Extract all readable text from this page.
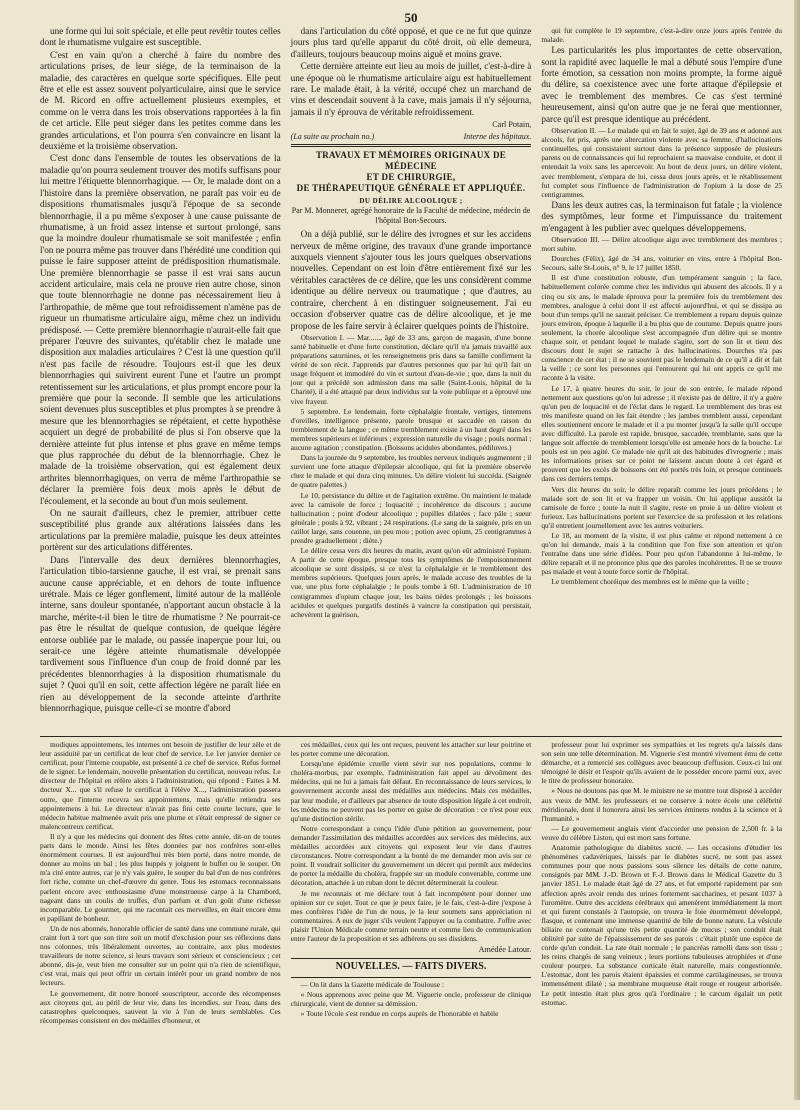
50

une forme qui lui soit spéciale, et elle peut revêtir toutes celles dont le rhumatisme vulgaire est susceptible.

C'est en vain qu'on a cherché à faire du nombre des articulations prises, de leur siége, de la terminaison de la maladie, des caractères en quelque sorte spécifiques. Elle peut être et elle est assez souvent polyarticulaire, ainsi que le service de M. Ricord en offre actuellement plusieurs exemples, et comme on le verra dans les trois observations rapportées à la fin de cet article. Elle peut siéger dans les petites comme dans les grandes articulations, et l'on pourra s'en convaincre en lisant la deuxième et la troisième observation.

C'est donc dans l'ensemble de toutes les observations de la maladie qu'on pourra seulement trouver des motifs suffisans pour lui mettre l'étiquette blennorrhagique. — Or, le malade dont on a l'histoire dans la première observation, ne paraît pas voir eu de dispositions rhumatismales jusqu'à l'époque de sa seconde blennorrhagie, il a pu même s'exposer à une cause puissante de rhumatisme, à un froid assez intense et surtout prolongé, sans que la moindre douleur rhumatismale se soit manifestée ; enfin l'on ne pourra même pas trouver dans l'hérédité une condition qui puisse le faire supposer atteint de prédisposition rhumatismale. Une première blennorrhagie se passe il est vrai sans aucun accident articulaire, mais cela ne prouve rien autre chose, sinon que toute blennorrhagie ne donne pas nécessairement lieu à l'arthropathie, de même que tout refroidissement n'amène pas de rigueur un rhumatisme articulaire aigu, même chez un individu prédisposé. — Cette première blennorrhagie n'aurait-elle fait que préparer l'œuvre des suivantes, qu'établir chez le malade une disposition aux maladies articulaires ? C'est là une question qu'il n'est pas facile de résoudre. Toujours est-il que les deux blennorrhagies qui suivirent eurent l'une et l'autre un prompt retentissement sur les articulations, et plus prompt encore pour la première que pour la seconde. Il semble que les articulations soient devenues plus susceptibles et plus promptes à se prendre à mesure que les blennorrhagies se répétaient, et cette hypothèse acquiert un degré de probabilité de plus si l'on observe que la dernière atteinte fut plus intense et plus grave en même temps que plus rapprochée du début de la blennorrhagie. Chez le malade de la troisième observation, qui est également deux arthrites blennorrhagiques, on verra de même l'arthropathie se déclarer la première fois deux mois après le début de l'écoulement, et la seconde au bout d'un mois seulement.

On ne saurait d'ailleurs, chez le premier, attribuer cette susceptibilité plus grande aux altérations laissées dans les articulations par la première maladie, puisque les deux atteintes portèrent sur des articulations différentes.

Dans l'intervalle des deux dernières blennorrhagies, l'articulation tibio-tarsienne gauche, il est vrai, se prenait sans aucune cause appréciable, et en dehors de toute influence urétrale. Mais ce léger gonflement, limité autour de la malléole interne, sans douleur spontanée, n'apportant aucun obstacle à la marche, mérite-t-il bien le titre de rhumatisme ? Ne pourrait-ce pas être le résultat de quelque contusion, de quelque légère entorse oubliée par le malade, ou passée inaperçue pour lui, ou serait-ce une légère atteinte rhumatismale développée tardivement sous l'influence d'un coup de froid donné par les précédentes blennorrhagies à la disposition rhumatismale du sujet ? Quoi qu'il en soit, cette affection légère ne paraît liée en rien au développement de la seconde atteinte d'arthrite blennorrhagique, puisque celle-ci se montre d'abord

dans l'articulation du côté opposé, et que ce ne fut que quinze jours plus tard qu'elle apparut du côté droit, où elle demeura, d'ailleurs, toujours beaucoup moins aiguë et moins grave.

Cette dernière atteinte eut lieu au mois de juillet, c'est-à-dire à une époque où le rhumatisme articulaire aigu est habituellement rare. Le malade était, à la vérité, occupé chez un marchand de vins et descendait souvent à la cave, mais jamais il n'y séjourna, jamais il n'y éprouva de véritable refroidissement.

Carl Potain,
(La suite au prochain no.)	Interne des hôpitaux.
TRAVAUX ET MÉMOIRES ORIGINAUX DE MÉDECINE
ET DE CHIRURGIE,
DE THÉRAPEUTIQUE GÉNÉRALE ET APPLIQUÉE.
DU DÉLIRE ALCOOLIQUE ;
Par M. Monneret, agrégé honoraire de la Faculté de médecine, médecin de l'hôpital Bon-Secours.

On a déjà publié, sur le délire des ivrognes et sur les accidens nerveux de même origine, des travaux d'une grande importance auxquels viennent s'ajouter tous les jours quelques observations nouvelles. Cependant on est loin d'être entièrement fixé sur les véritables caractères de ce délire, que les uns considèrent comme identique au délire nerveux ou traumatique ; que d'autres, au contraire, cherchent à en distinguer soigneusement. J'ai eu occasion d'observer quatre cas de délire alcoolique, et je me propose de les faire servir à éclairer quelques points de l'histoire.

Observation I. — Mar......, âgé de 33 ans, garçon de magasin, d'une bonne santé habituelle et d'une forte constitution, déclare qu'il n'a jamais travaillé aux préparations saturnines, et les renseignemens pris dans sa famille confirment la vérité de son récit. J'apprends par d'autres personnes que par lui qu'il fait un usage fréquent et immodéré du vin et surtout d'eau-de-vie ; que, dans la nuit du jour qui a précédé son admission dans ma salle (Saint-Louis, hôpital de la Charité), il a été attaqué par deux individus sur la voie publique et a éprouvé une vive frayeur.

5 septembre. Le lendemain, forte céphalalgie frontale, vertiges, tintemens d'oreilles, intelligence présente, parole brusque et saccadée en raison du tremblement de la langue ; ce même tremblement existe à un haut degré dans les membres supérieurs et inférieurs ; expression naturelle du visage ; pouls normal ; aucune agitation ; constipation. (Boissons acidules abondantes, pédiluves.)

Dans la journée du 9 septembre, les troubles nerveux indiqués augmentent ; il survient une forte attaque d'épilepsie alcoolique, qui fut la première observée chez le malade et qui dura cinq minutes. Un délire violent lui succéda. (Saignée de quatre palettes.)

Le 10, persistance du délire et de l'agitation extrême. On maintient le malade avec la camisole de force ; loquacité ; incohérence du discours ; aucune hallucination ; point d'odeur alcoolique ; pupilles dilatées ; face pâle ; sueur générale ; pouls à 92, vibrant ; 24 respirations. (Le sang de la saignée, pris en un caillot large, sans couenne, un peu mou ; potion avec opium, 25 centigrammes à prendre graduellement ; diète.)

Le délire cessa vers dix heures du matin, avant qu'on eût administré l'opium. A partir de cette époque, presque tous les symptômes de l'empoisonnement alcoolique se sont dissipés, si ce n'est la céphalalgie et le tremblement des membres supérieurs. Quelques jours après, le malade accuse des troubles de la vue, une plus forte céphalalgie ; le pouls tombe à 60. L'administration de 10 centigrammes d'opium chaque jour, les bains tièdes prolongés ; les boissons acidules et quelques purgatifs destinés à vaincre la constipation qui persistait, achevèrent la guérison,

qui fut complète le 19 septembre, c'est-à-dire onze jours après l'entrée du malade.

Les particularités les plus importantes de cette observation, sont la rapidité avec laquelle le mal a débuté sous l'empire d'une forte émotion, sa cessation non moins prompte, la forme aiguë du délire, sa coexistence avec une forte attaque d'épilepsie et avec le tremblement des membres. Ce cas s'est terminé heureusement, ainsi qu'on autre que je ne ferai que mentionner, parce qu'il est presque identique au précédent.

Observation II. — Le malade qui en fait le sujet, âgé de 39 ans et adonné aux alcools, fut pris, après une altercation violente avec sa femme, d'hallucinations continuelles, qui consistaient surtout dans la présence supposée de plusieurs parens ou de connaissances qui lui reprochaient sa mauvaise conduite, et dont il entendait la voix sans les apercevoir. Au bout de deux jours, un délire violent, avec tremblement, s'empara de lui, cessa deux jours après, et le rétablissement fut complet sous l'influence de l'administration de l'opium à la dose de 25 centigrammes.

Dans les deux autres cas, la terminaison fut fatale ; la violence des symptômes, leur forme et l'impuissance du traitement m'engagent à les publier avec quelques développemens.

Observation III. — Délire alcoolique aigu avec tremblement des membres ; mort subite.

Dourches (Félix), âgé de 34 ans, voiturier en vins, entre à l'hôpital Bon-Secours, salle St-Louis, n° 9, le 17 juillet 1850.

Il est d'une constitution robuste, d'un tempérament sanguin ; la face, habituellement colorée comme chez les individus qui abusent des alcools. Il y a cinq ou six ans, le malade éprouva pour la première fois du tremblement des membres, analogue à celui dont il est affecté aujourd'hui, et qui se dissipa au bout d'un temps qu'il ne saurait préciser. Ce tremblement a reparu depuis quinze jours environ, époque à laquelle il a bu plus que de coutume. Depuis quatre jours seulement, la chorée alcoolique s'est accompagnée d'un délire qui se montre chaque soir, et pendant lequel le malade s'agite, sort de son lit et tient des discours dont le sujet se rattache à des hallucinations. Dourches n'a pas conscience de cet état ; il ne se souvient pas le lendemain de ce qu'il a dit et fait la veille ; ce sont les personnes qui l'entourent qui lui ont appris ce qu'il me raconte à la visite.

Le 17, à quatre heures du soir, le jour de son entrée, le malade répond nettement aux questions qu'on lui adresse ; il n'existe pas de délire, il n'y a guère qu'un peu de loquacité et de l'éclat dans le regard. Le tremblement des bras est très manifeste quand on les fait étendre ; les jambes tremblent aussi, cependant elles soutiennent encore le malade et il a pu monter jusqu'à la salle qu'il occupe avec difficulté. La parole est rapide, brusque, saccadée, tremblante, sans que la langue soit affectée de tremblement lorsqu'elle est amenée hors de la bouche. Le pouls est un peu agité. Ce malade nie qu'il ait des habitudes d'ivrognerie ; mais les informations prises sur ce point ne laissent aucun doute à cet égard et prouvent que les excès de boissons ont été portés très loin, et presque continuels dans ces derniers temps.

Vers dix heures du soir, le délire reparaît comme les jours précédens ; le malade sort de son lit et va frapper un voisin. On lui applique aussitôt la camisole de force ; toute la nuit il s'agite, reste en proie à un délire violent et furieux. Les hallucinations portent sur l'exercice de sa profession et les relations qu'il entretient journellement avec les autres voituriers.

Le 18, au moment de la visite, il est plus calme et répond nettement à ce qu'on lui demande, mais à la condition que l'on fixe son attention et qu'on l'entraîne dans une série d'idées. Pour peu qu'on l'abandonne à lui-même, le délire reparaît et il ne prononce plus que des paroles incohérentes. Il ne se trouve pas malade et veut à toute force sortir de l'hôpital.

Le tremblement choréique des membres est le même que la veille ;

modiques appointemens, les internes ont besoin de justifier de leur zèle et de leur assiduité par un certificat de leur chef de service. Le 1er janvier dernier ce certificat, pour l'interne coupable, est présenté à ce chef de service. Refus formel de le signer. Le lendemain, nouvelle présentation du certificat, nouveau refus. Le directeur de l'hôpital en réfère alors à l'administration, qui répond : Faites à M. docteur X... que s'il refuse le certificat à l'élève X..., l'administration passera outre, que l'interne recevra ses appointemens, mais qu'elle retiendra ses appointemens à lui. Le directeur n'avait pas fini cette courte lecture, que le médecin habitue malmenée avait pris une plume et s'était empressé de signer ce malencontreux certificat.

Il n'y a que les médecins qui donnent des fêtes cette année, dit-on de toutes parts dans le monde. Ainsi les fêtes données par nos confrères sont-elles énormément courues. Il est aujourd'hui très bien porté, dans notre monde, de donner au moins un bal ; les plus huppés y joignent le buffet ou le souper. On m'a cité entre autres, car je n'y vais guère, le souper du bal d'un de nos confrères fort riche, comme un chef-d'œuvre du genre. Tous les estomacs reconnaissans parlent encore avec enthousiasme d'une monstrueuse carpe à la Chambord, nageant dans un coulis de truffes, d'un parfum et d'un goût d'une richesse incomparable. Le gourmet, qui me racontait ces merveilles, en était encore ému et papillant de bonheur.

Un de nos abonnés, honorable officier de santé dans une commune rurale, qui craint fort à tort que son titre soit un motif d'exclusion pour ses réflexions dans nos colonnes, très libéralement ouvertes, au contraire, aux plus modestes travailleurs de notre science, si leurs travaux sont sérieux et consciencieux ; cet abonné, dis-je, veut bien me consulter sur un point qui n'a rien de scientifique, c'est vrai, mais qui peut offrir un certain intérêt pour un grand nombre de nos lecteurs.

Le gouvernement, dit notre honoré souscripteur, accorde des récompenses aux citoyens qui, au péril de leur vie, dans les incendies, sur l'eau, dans des catastrophes quelconques, sauvent la vie à l'un de leurs semblables. Ces récompenses consistent en des médailles d'honneur, et

ces médailles, ceux qui les ont reçues, peuvent les attacher sur leur poitrine et les porter comme une décoration.

Lorsqu'une épidémie cruelle vient sévir sur nos populations, comme le choléra-morbus, par exemple, l'administration fait appel au dévoûment des médecins, qui ne lui a jamais fait défaut. En reconnaissance de leurs services, le gouvernement accorde aussi des médailles aux médecins. Mais ces médailles, par leur module, et d'ailleurs par absence de toute disposition légale à cet endroit, les médecins ne peuvent pas les porter en guise de décoration : ce n'est pour eux qu'une distinction stérile.

Notre correspondant a conçu l'idée d'une pétition au gouvernement, pour demander l'assimilation des médailles accordées aux services des médecins, aux médailles accordées aux citoyens qui exposent leur vie dans d'autres circonstances. Notre correspondant a la bonté de me demander mon avis sur ce point. Il voudrait solliciter du gouvernement un décret qui permît aux médecins de porter la médaille du choléra, frappée sur un module convenable, comme une décoration, attachée à un ruban dont le décret déterminerait la couleur.

Je me reconnais et me déclare tout à fait incompétent pour donner une opinion sur ce sujet. Tout ce que je peux faire, je le fais, c'est-à-dire j'expose à mes confrères l'idée de l'un de nous, je la leur soumets sans appréciation ni commentaires. A eux de juger s'ils veulent l'appuyer ou la combattre. J'offre avec plaisir l'Union Médicale comme terrain neutre et comme lieu de communication entre l'auteur de la proposition et ses adhérens ou ses dissidens.

Amédée Latour.
NOUVELLES. — FAITS DIVERS.

— On lit dans la Gazette médicale de Toulouse :

« Nous apprenons avec peine que M. Viguerie oncle, professeur de clinique chirurgicale, vient de donner sa démission.

» Toute l'école s'est rendue en corps auprès de l'honorable et habile

professeur pour lui exprimer ses sympathies et les regrets qu'a laissés dans son sein une telle détermination. M. Viguerie s'est montré vivement ému de cette démarche, et a remercié ses collègues avec beaucoup d'effusion. Ceux-ci lui ont témoigné le désir et l'espoir qu'ils avaient de le posséder encore parmi eux, avec le titre de professeur honoraire.

» Nous ne doutons pas que M. le ministre ne se montre tout disposé à accéder aux vœux de MM. les professeurs et ne conserve à notre école une célébrité méridionale, dont il honorera ainsi les services éminens rendus à la science et à l'humanité. »

— Le gouvernement anglais vient d'accorder une pension de 2,500 fr. à la veuve du célèbre Liston, qui est mort sans fortune.

Anatomie pathologique du diabètes sucré. — Les occasions d'étudier les phénomènes cadavériques, laissés par le diabètes sucré, ne sont pas assez communes pour que nous passions sous silence les détails de cette nature, consignés par MM. J.-D. Brown et F.-J. Brown dans le Médical Gazette du 3 janvier 1851. Le malade était âgé de 27 ans, et fut emporté rapidement par son affection après avoir rendu des urines fortement saccharines, et pesant 1037 à l'uromètre. Outre des accidens cérébraux qui amenèrent immédiatement la mort et qui furent constatés à l'autopsie, on trouva le foie énormément développé, flasque, et contenant une immense quantité de bile de bonne nature. La vésicule biliaire ne contenait qu'une très petite quantité de mucus ; son conduit était oblitéré par suite de l'épaississement de ses parois : c'était plutôt une espèce de corde qu'un conduit. La rate était normale ; le pancréas ramolli dans son tissu ; les reins chargés de sang veineux ; leurs portions tubuleuses atrophiées et d'une couleur pourpre. La substance corticale était naturelle, mais congestionnée. L'estomac, dont les parois étaient épaissies et comme cartilagineuses, se trouva immensément dilaté ; sa membrane muqueuse était rouge et rougeur arborisée. Le petit intestin était plus gros qu'à l'ordinaire ; le cæcum égalait un petit estomac.
